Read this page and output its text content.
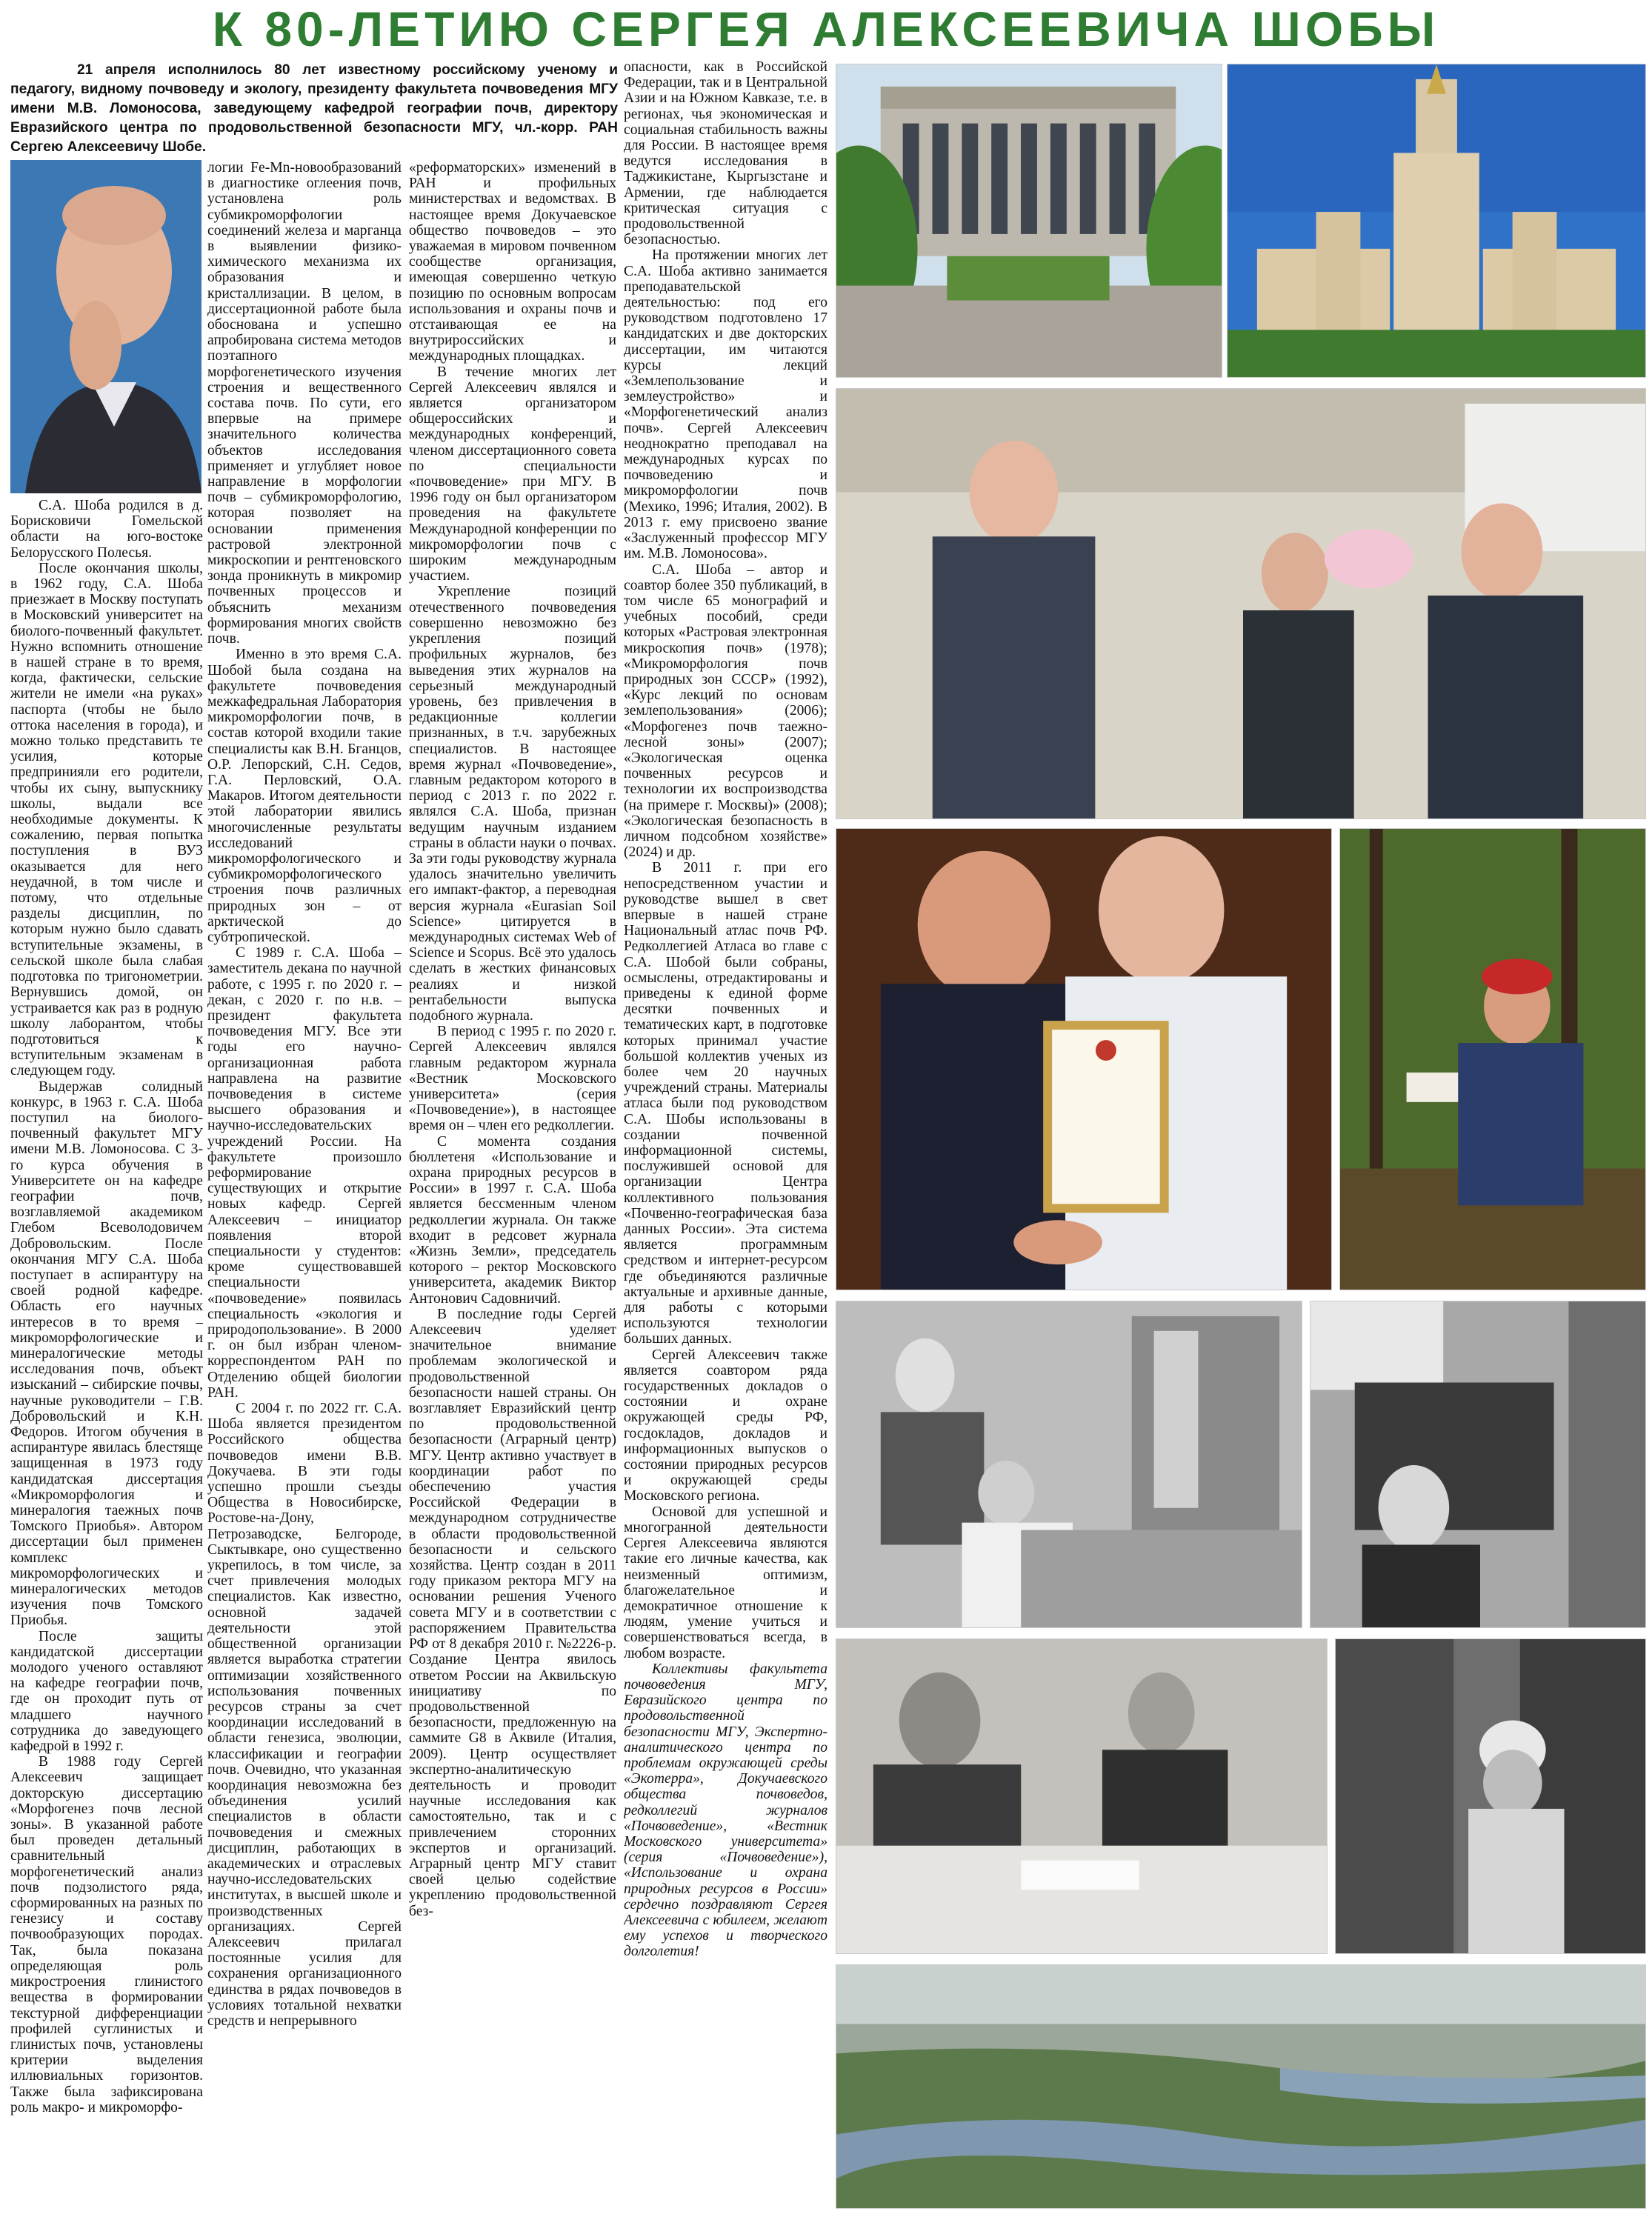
К 80-ЛЕТИЮ СЕРГЕЯ АЛЕКСЕЕВИЧА ШОБЫ
21 апреля исполнилось 80 лет известному российскому ученому и педагогу, видному почвоведу и экологу, президенту факультета почвоведения МГУ имени М.В. Ломоносова, заведующему кафедрой географии почв, директору Евразийского центра по продовольственной безопасности МГУ, чл.-корр. РАН Сергею Алексеевичу Шобе.

С.А. Шоба родился в д. Борисковичи Гомельской области на юго-востоке Белорусского Полесья.

После окончания школы, в 1962 году, С.А. Шоба приезжает в Москву поступать в Московский университет на биолого-почвенный факультет. Нужно вспомнить отношение в нашей стране в то время, когда, фактически, сельские жители не имели «на руках» паспорта (чтобы не было оттока населения в города), и можно только представить те усилия, которые предпринияли его родители, чтобы их сыну, выпускнику школы, выдали все необходимые документы. К сожалению, первая попытка поступления в ВУЗ оказывается для него неудачной, в том числе и потому, что отдельные разделы дисциплин, по которым нужно было сдавать вступительные экзамены, в сельской школе была слабая подготовка по тригонометрии. Вернувшись домой, он устраивается как раз в родную школу лаборантом, чтобы подготовиться к вступительным экзаменам в следующем году.

Выдержав солидный конкурс, в 1963 г. С.А. Шоба поступил на биолого-почвенный факультет МГУ имени М.В. Ломоносова. С 3-го курса обучения в Университете он на кафедре географии почв, возглавляемой академиком Глебом Всеволодовичем Добровольским. После окончания МГУ С.А. Шоба поступает в аспирантуру на своей родной кафедре. Область его научных интересов в то время – микроморфологические и минералогические методы исследования почв, объект изысканий – сибирские почвы, научные руководители – Г.В. Добровольский и К.Н. Федоров. Итогом обучения в аспирантуре явилась блестяще защищенная в 1973 году кандидатская диссертация «Микроморфология и минералогия таежных почв Томского Приобья». Автором диссертации был применен комплекс микроморфологических и минералогических методов изучения почв Томского Приобья.

После защиты кандидатской диссертации молодого ученого оставляют на кафедре географии почв, где он проходит путь от младшего научного сотрудника до заведующего кафедрой в 1992 г.

В 1988 году Сергей Алексеевич защищает докторскую диссертацию «Морфогенез почв лесной зоны». В указанной работе был проведен детальный сравнительный морфогенетический анализ почв подзолистого ряда, сформированных на разных по генезису и составу почвообразующих породах. Так, была показана определяющая роль микростроения глинистого вещества в формировании текстурной дифференциации профилей суглинистых и глинистых почв, установлены критерии выделения иллювиальных горизонтов. Также была зафиксирована роль макро- и микроморфо-

логии Fe-Mn-новообразований в диагностике оглеения почв, установлена роль субмикроморфологии соединений железа и марганца в выявлении физико-химического механизма их образования и кристаллизации. В целом, в диссертационной работе была обоснована и успешно апробирована система методов поэтапного морфогенетического изучения строения и вещественного состава почв. По сути, его впервые на примере значительного количества объектов исследования применяет и углубляет новое направление в морфологии почв – субмикроморфологию, которая позволяет на основании применения растровой электронной микроскопии и рентгеновского зонда проникнуть в микромир почвенных процессов и объяснить механизм формирования многих свойств почв.

Именно в это время С.А. Шобой была создана на факультете почвоведения межкафедральная Лаборатория микроморфологии почв, в состав которой входили такие специалисты как В.Н. Бганцов, О.Р. Лепорский, С.Н. Седов, Г.А. Перловский, О.А. Макаров. Итогом деятельности этой лаборатории явились многочисленные результаты исследований микроморфологического и субмикроморфологического строения почв различных природных зон – от арктической до субтропической.

С 1989 г. С.А. Шоба – заместитель декана по научной работе, с 1995 г. по 2020 г. – декан, с 2020 г. по н.в. – президент факультета почвоведения МГУ. Все эти годы его научно-организационная работа направлена на развитие почвоведения в системе высшего образования и научно-исследовательских учреждений России. На факультете произошло реформирование существующих и открытие новых кафедр. Сергей Алексеевич – инициатор появления второй специальности у студентов: кроме существовавшей специальности «почвоведение» появилась специальность «экология и природопользование». В 2000 г. он был избран членом-корреспондентом РАН по Отделению общей биологии РАН.

С 2004 г. по 2022 гг. С.А. Шоба является президентом Российского общества почвоведов имени В.В. Докучаева. В эти годы успешно прошли съезды Общества в Новосибирске, Ростове-на-Дону, Петрозаводске, Белгороде, Сыктывкаре, оно существенно укрепилось, в том числе, за счет привлечения молодых специалистов. Как известно, основной задачей деятельности этой общественной организации является выработка стратегии оптимизации хозяйственного использования почвенных ресурсов страны за счет координации исследований в области генезиса, эволюции, классификации и географии почв. Очевидно, что указанная координация невозможна без объединения усилий специалистов в области почвоведения и смежных дисциплин, работающих в академических и отраслевых научно-исследовательских институтах, в высшей школе и производственных организациях. Сергей Алексеевич прилагал постоянные усилия для сохранения организационного единства в рядах почвоведов в условиях тотальной нехватки средств и непрерывного

«реформаторских» изменений в РАН и профильных министерствах и ведомствах. В настоящее время Докучаевское общество почвоведов – это уважаемая в мировом почвенном сообществе организация, имеющая совершенно четкую позицию по основным вопросам использования и охраны почв и отстаивающая ее на внутрироссийских и международных площадках.

В течение многих лет Сергей Алексеевич являлся и является организатором общероссийских и международных конференций, членом диссертационного совета по специальности «почвоведение» при МГУ. В 1996 году он был организатором проведения на факультете Международной конференции по микроморфологии почв с широким международным участием.

Укрепление позиций отечественного почвоведения совершенно невозможно без укрепления позиций профильных журналов, без выведения этих журналов на серьезный международный уровень, без привлечения в редакционные коллегии признанных, в т.ч. зарубежных специалистов. В настоящее время журнал «Почвоведение», главным редактором которого в период с 2013 г. по 2022 г. являлся С.А. Шоба, признан ведущим научным изданием страны в области науки о почвах. За эти годы руководству журнала удалось значительно увеличить его импакт-фактор, а переводная версия журнала «Eurasian Soil Science» цитируется в международных системах Web of Science и Scopus. Всё это удалось сделать в жестких финансовых реалиях и низкой рентабельности выпуска подобного журнала.

В период с 1995 г. по 2020 г. Сергей Алексеевич являлся главным редактором журнала «Вестник Московского университета» (серия «Почвоведение»), в настоящее время он – член его редколлегии.

С момента создания бюллетеня «Использование и охрана природных ресурсов в России» в 1997 г. С.А. Шоба является бессменным членом редколлегии журнала. Он также входит в редсовет журнала «Жизнь Земли», председатель которого – ректор Московского университета, академик Виктор Антонович Садовничий.

В последние годы Сергей Алексеевич уделяет значительное внимание проблемам экологической и продовольственной безопасности нашей страны. Он возглавляет Евразийский центр по продовольственной безопасности (Аграрный центр) МГУ. Центр активно участвует в координации работ по обеспечению участия Российской Федерации в международном сотрудничестве в области продовольственной безопасности и сельского хозяйства. Центр создан в 2011 году приказом ректора МГУ на основании решения Ученого совета МГУ и в соответствии с распоряжением Правительства РФ от 8 декабря 2010 г. №2226-р. Создание Центра явилось ответом России на Аквильскую инициативу по продовольственной безопасности, предложенную на саммите G8 в Аквиле (Италия, 2009). Центр осуществляет экспертно-аналитическую деятельность и проводит научные исследования как самостоятельно, так и с привлечением сторонних экспертов и организаций. Аграрный центр МГУ ставит своей целью содействие укреплению продовольственной без-

опасности, как в Российской Федерации, так и в Центральной Азии и на Южном Кавказе, т.е. в регионах, чья экономическая и социальная стабильность важны для России. В настоящее время ведутся исследования в Таджикистане, Кыргызстане и Армении, где наблюдается критическая ситуация с продовольственной безопасностью.

На протяжении многих лет С.А. Шоба активно занимается преподавательской деятельностью: под его руководством подготовлено 17 кандидатских и две докторских диссертации, им читаются курсы лекций «Землепользование и землеустройство» и «Морфогенетический анализ почв». Сергей Алексеевич неоднократно преподавал на международных курсах по почвоведению и микроморфологии почв (Мехико, 1996; Италия, 2002). В 2013 г. ему присвоено звание «Заслуженный профессор МГУ им. М.В. Ломоносова».

С.А. Шоба – автор и соавтор более 350 публикаций, в том числе 65 монографий и учебных пособий, среди которых «Растровая электронная микроскопия почв» (1978); «Микроморфология почв природных зон СССР» (1992), «Курс лекций по основам землепользования» (2006); «Морфогенез почв таежно-лесной зоны» (2007); «Экологическая оценка почвенных ресурсов и технологии их воспроизводства (на примере г. Москвы)» (2008); «Экологическая безопасность в личном подсобном хозяйстве» (2024) и др.

В 2011 г. при его непосредственном участии и руководстве вышел в свет впервые в нашей стране Национальный атлас почв РФ. Редколлегией Атласа во главе с С.А. Шобой были собраны, осмыслены, отредактированы и приведены к единой форме десятки почвенных и тематических карт, в подготовке которых принимал участие большой коллектив ученых из более чем 20 научных учреждений страны. Материалы атласа были под руководством С.А. Шобы использованы в создании почвенной информационной системы, послужившей основой для организации Центра коллективного пользования «Почвенно-географическая база данных России». Эта система является программным средством и интернет-ресурсом где объединяются различные актуальные и архивные данные, для работы с которыми используются технологии больших данных.

Сергей Алексеевич также является соавтором ряда государственных докладов о состоянии и охране окружающей среды РФ, госдокладов, докладов и информационных выпусков о состоянии природных ресурсов и окружающей среды Московского региона.

Основой для успешной и многогранной деятельности Сергея Алексеевича являются такие его личные качества, как неизменный оптимизм, благожелательное и демократичное отношение к людям, умение учиться и совершенствоваться всегда, в любом возрасте.

Коллективы факультета почвоведения МГУ, Евразийского центра по продовольственной безопасности МГУ, Экспертно-аналитического центра по проблемам окружающей среды «Экотерра», Докучаевского общества почвоведов, редколлегий журналов «Почвоведение», «Вестник Московского университета» (серия «Почвоведение»), «Использование и охрана природных ресурсов в России» сердечно поздравляют Сергея Алексеевича с юбилеем, желают ему успехов и творческого долголетия!
